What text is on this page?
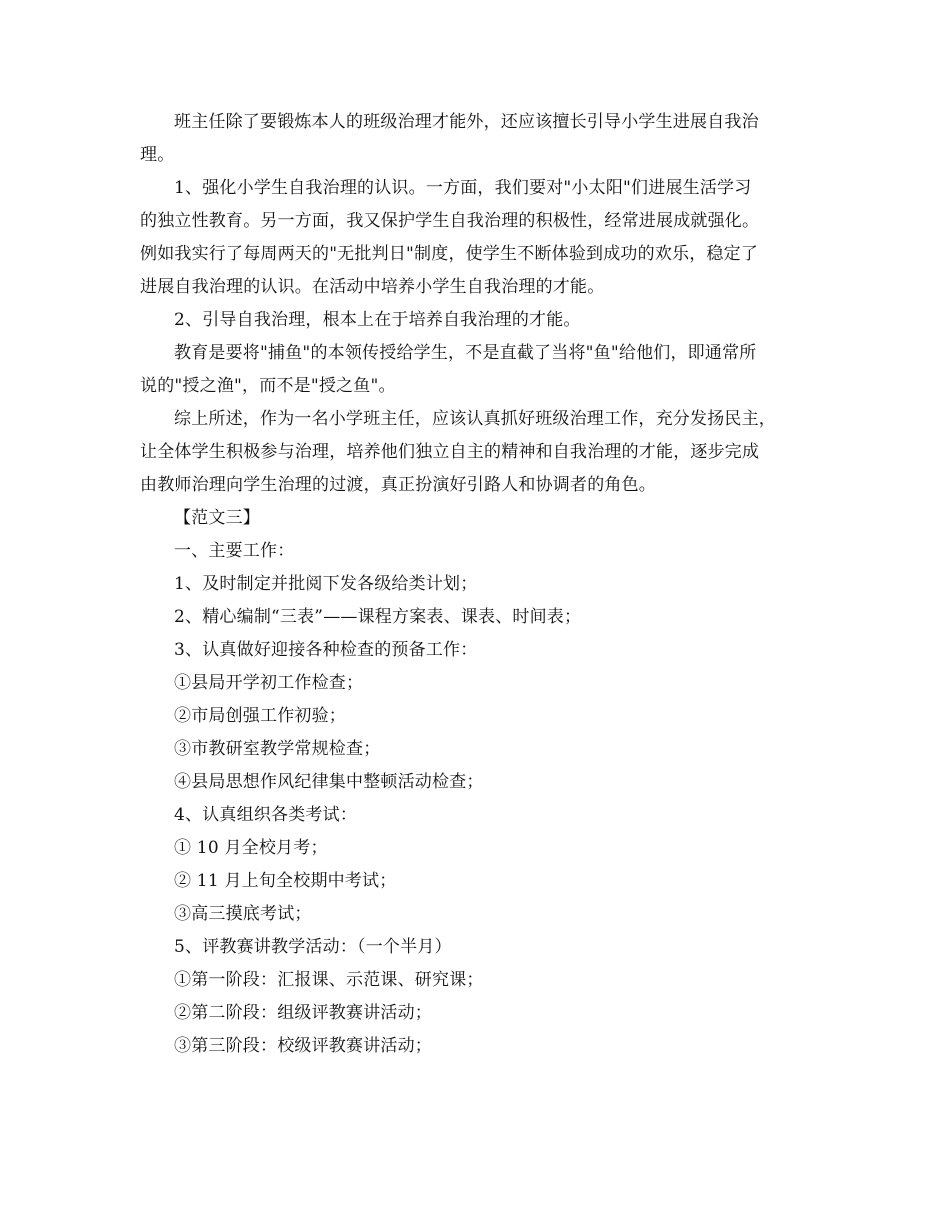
班主任除了要锻炼本人的班级治理才能外，还应该擅长引导小学生进展自我治
理。
1、强化小学生自我治理的认识。一方面，我们要对"小太阳"们进展生活学习
的独立性教育。另一方面，我又保护学生自我治理的积极性，经常进展成就强化。
例如我实行了每周两天的"无批判日"制度，使学生不断体验到成功的欢乐，稳定了
进展自我治理的认识。在活动中培养小学生自我治理的才能。
2、引导自我治理，根本上在于培养自我治理的才能。
教育是要将"捕鱼"的本领传授给学生，不是直截了当将"鱼"给他们，即通常所
说的"授之渔"，而不是"授之鱼"。
综上所述，作为一名小学班主任，应该认真抓好班级治理工作，充分发扬民主，
让全体学生积极参与治理，培养他们独立自主的精神和自我治理的才能，逐步完成
由教师治理向学生治理的过渡，真正扮演好引路人和协调者的角色。
【范文三】
一、主要工作：
1、及时制定并批阅下发各级给类计划；
2、精心编制“三表”——课程方案表、课表、时间表；
3、认真做好迎接各种检查的预备工作：
①县局开学初工作检查；
②市局创强工作初验；
③市教研室教学常规检查；
④县局思想作风纪律集中整顿活动检查；
4、认真组织各类考试：
① 10 月全校月考；
② 11 月上旬全校期中考试；
③高三摸底考试；
5、评教赛讲教学活动：（一个半月）
①第一阶段：汇报课、示范课、研究课；
②第二阶段：组级评教赛讲活动；
③第三阶段：校级评教赛讲活动；
